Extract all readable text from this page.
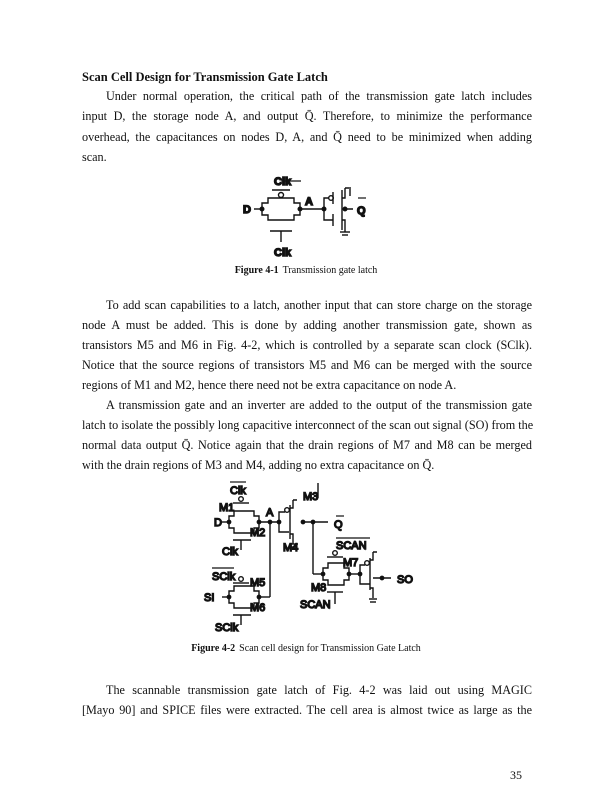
Scan Cell Design for Transmission Gate Latch
Under normal operation, the critical path of the transmission gate latch includes
input D, the storage node A, and output Q̄. Therefore, to minimize the performance
overhead, the capacitances on nodes D, A, and Q̄ need to be minimized when adding
scan.
Clk
Clk
D
A
Q
Clk
M1
D
A
M3
Q
M2
M4
Clk	SCAN
M7
SO
SClk M5	M8
SI
M6	SCAN
SClk
Figure 4-1 Transmission gate latch
To add scan capabilities to a latch, another input that can store charge on the storage
node A must be added. This is done by adding another transmission gate, shown as
transistors M5 and M6 in Fig. 4-2, which is controlled by a separate scan clock (SClk).
Notice that the source regions of transistors M5 and M6 can be merged with the source
regions of M1 and M2, hence there need not be extra capacitance on node A.
A transmission gate and an inverter are added to the output of the transmission gate
latch to isolate the possibly long capacitive interconnect of the scan out signal (SO) from the
normal data output Q̄. Notice again that the drain regions of M7 and M8 can be merged
with the drain regions of M3 and M4, adding no extra capacitance on Q̄.
Figure 4-2 Scan cell design for Transmission Gate Latch
The scannable transmission gate latch of Fig. 4-2 was laid out using MAGIC
[Mayo 90] and SPICE files were extracted. The cell area is almost twice as large as the
35
